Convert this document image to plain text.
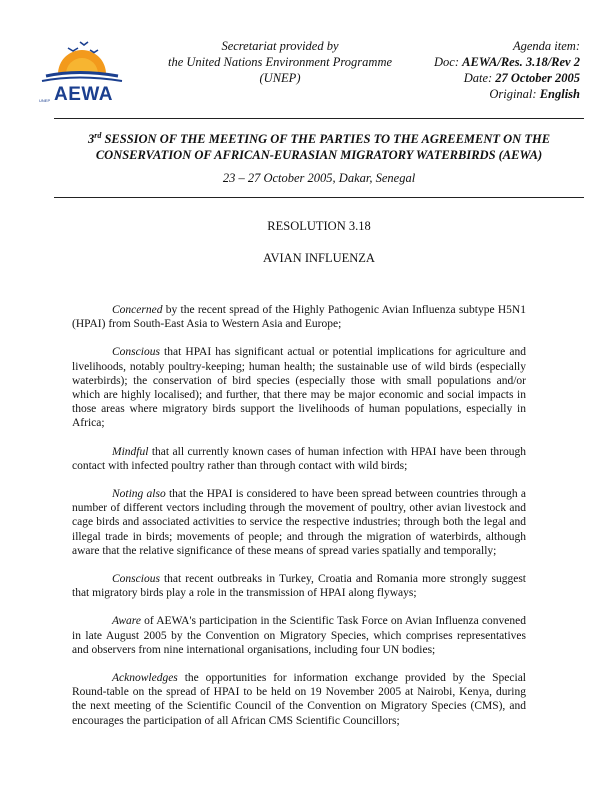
UNEP AEWA
Secretariat provided by
the United Nations Environment Programme
(UNEP)
Agenda item:
Doc: AEWA/Res. 3.18/Rev 2
Date: 27 October 2005
Original: English
3rd SESSION OF THE MEETING OF THE PARTIES TO THE AGREEMENT ON THE
CONSERVATION OF AFRICAN-EURASIAN MIGRATORY WATERBIRDS (AEWA)
23 – 27 October 2005, Dakar, Senegal
RESOLUTION 3.18
AVIAN INFLUENZA

Concerned by the recent spread of the Highly Pathogenic Avian Influenza subtype H5N1 (HPAI) from South-East Asia to Western Asia and Europe;

Conscious that HPAI has significant actual or potential implications for agriculture and livelihoods, notably poultry-keeping; human health; the sustainable use of wild birds (especially waterbirds); the conservation of bird species (especially those with small populations and/or which are highly localised); and further, that there may be major economic and social impacts in those areas where migratory birds support the livelihoods of human populations, especially in Africa;

Mindful that all currently known cases of human infection with HPAI have been through contact with infected poultry rather than through contact with wild birds;

Noting also that the HPAI is considered to have been spread between countries through a number of different vectors including through the movement of poultry, other avian livestock and cage birds and associated activities to service the respective industries; through both the legal and illegal trade in birds; movements of people; and through the migration of waterbirds, although aware that the relative significance of these means of spread varies spatially and temporally;

Conscious that recent outbreaks in Turkey, Croatia and Romania more strongly suggest that migratory birds play a role in the transmission of HPAI along flyways;

Aware of AEWA's participation in the Scientific Task Force on Avian Influenza convened in late August 2005 by the Convention on Migratory Species, which comprises representatives and observers from nine international organisations, including four UN bodies;

Acknowledges the opportunities for information exchange provided by the Special Round-table on the spread of HPAI to be held on 19 November 2005 at Nairobi, Kenya, during the next meeting of the Scientific Council of the Convention on Migratory Species (CMS), and encourages the participation of all African CMS Scientific Councillors;
